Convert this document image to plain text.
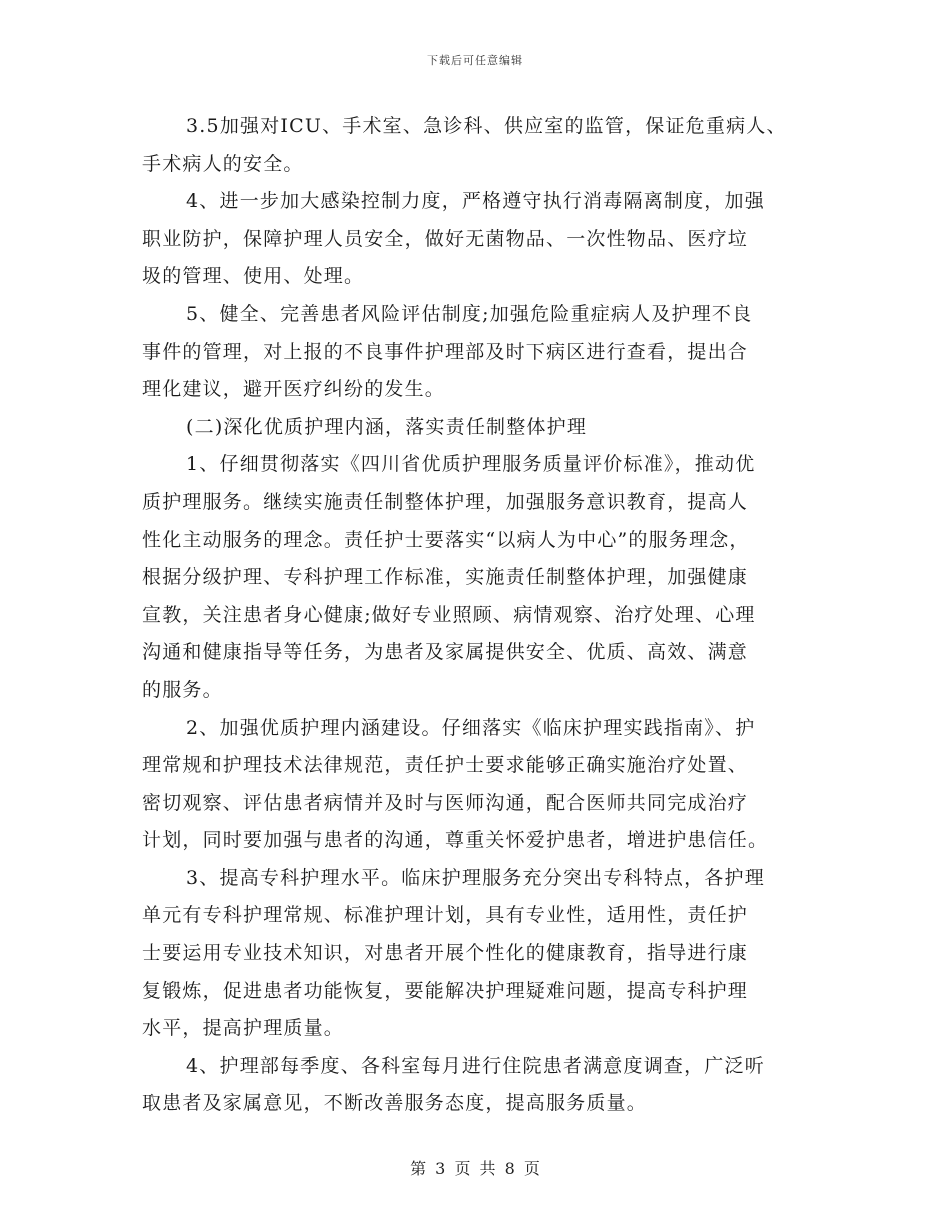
下载后可任意编辑
3.5加强对ICU、手术室、急诊科、供应室的监管，保证危重病人、
手术病人的安全。
4、进一步加大感染控制力度，严格遵守执行消毒隔离制度，加强
职业防护，保障护理人员安全，做好无菌物品、一次性物品、医疗垃
圾的管理、使用、处理。
5、健全、完善患者风险评估制度;加强危险重症病人及护理不良
事件的管理，对上报的不良事件护理部及时下病区进行查看，提出合
理化建议，避开医疗纠纷的发生。
(二)深化优质护理内涵，落实责任制整体护理
1、仔细贯彻落实《四川省优质护理服务质量评价标准》，推动优
质护理服务。继续实施责任制整体护理，加强服务意识教育，提高人
性化主动服务的理念。责任护士要落实“以病人为中心”的服务理念，
根据分级护理、专科护理工作标准，实施责任制整体护理，加强健康
宣教，关注患者身心健康;做好专业照顾、病情观察、治疗处理、心理
沟通和健康指导等任务，为患者及家属提供安全、优质、高效、满意
的服务。
2、加强优质护理内涵建设。仔细落实《临床护理实践指南》、护
理常规和护理技术法律规范，责任护士要求能够正确实施治疗处置、
密切观察、评估患者病情并及时与医师沟通，配合医师共同完成治疗
计划，同时要加强与患者的沟通，尊重关怀爱护患者，增进护患信任。
3、提高专科护理水平。临床护理服务充分突出专科特点，各护理
单元有专科护理常规、标准护理计划，具有专业性，适用性，责任护
士要运用专业技术知识，对患者开展个性化的健康教育，指导进行康
复锻炼，促进患者功能恢复，要能解决护理疑难问题，提高专科护理
水平，提高护理质量。
4、护理部每季度、各科室每月进行住院患者满意度调查，广泛听
取患者及家属意见，不断改善服务态度，提高服务质量。
第 3 页 共 8 页
